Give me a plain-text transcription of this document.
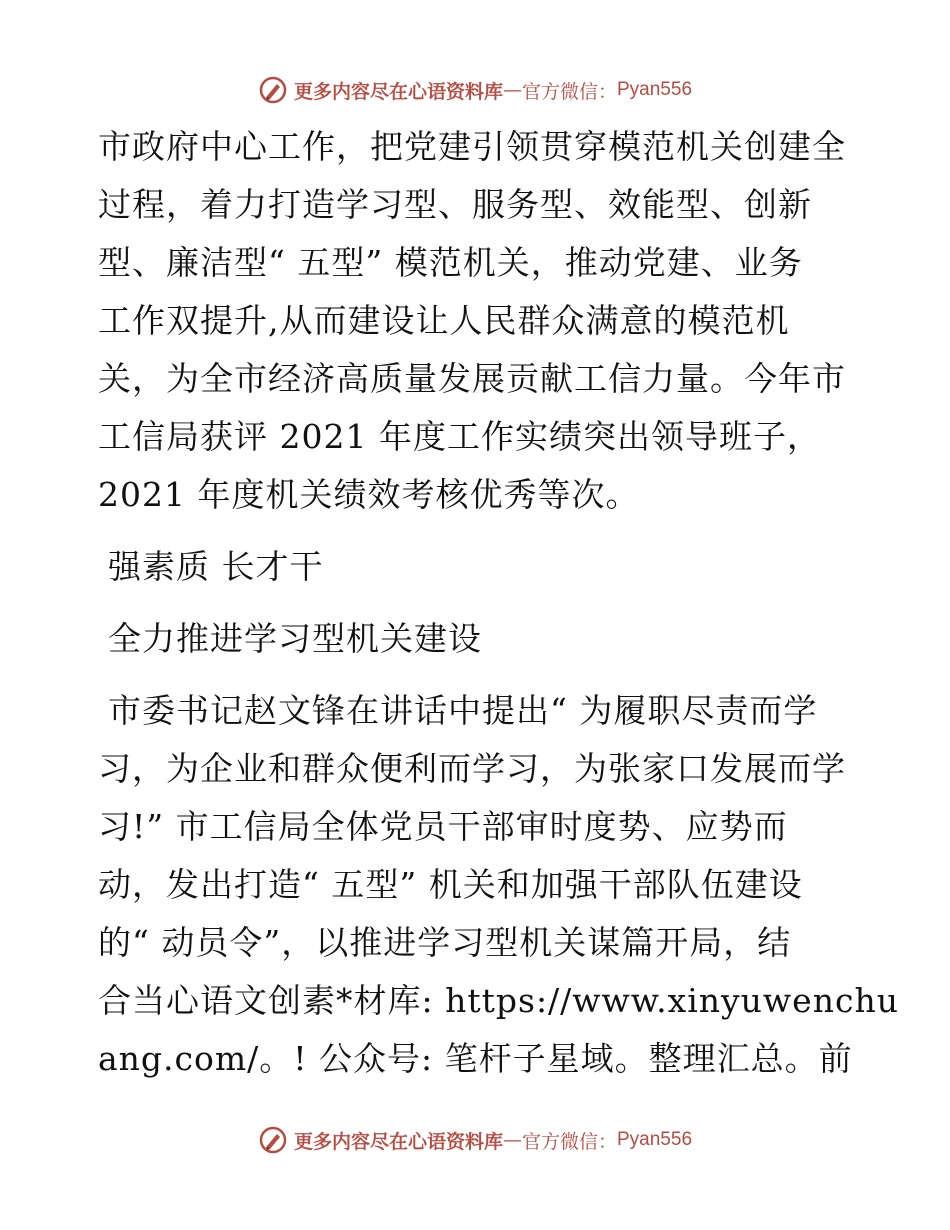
更多内容尽在心语资料库 — 官方微信： Pyan556
市政府中心工作，把党建引领贯穿模范机关创建全
过程，着力打造学习型、服务型、效能型、创新
型、廉洁型“ 五型” 模范机关，推动党建、业务
工作双提升,从而建设让人民群众满意的模范机
关，为全市经济高质量发展贡献工信力量。今年市
工信局获评 2021 年度工作实绩突出领导班子，
2021 年度机关绩效考核优秀等次。
强素质 长才干
全力推进学习型机关建设
市委书记赵文锋在讲话中提出“ 为履职尽责而学
习，为企业和群众便利而学习，为张家口发展而学
习!” 市工信局全体党员干部审时度势、应势而
动，发出打造“ 五型” 机关和加强干部队伍建设
的“ 动员令”，以推进学习型机关谋篇开局，结
合当心语文创素*材库: https://www.xinyuwenchu
ang.com/。! 公众号: 笔杆子星域。整理汇总。前
更多内容尽在心语资料库 — 官方微信： Pyan556
